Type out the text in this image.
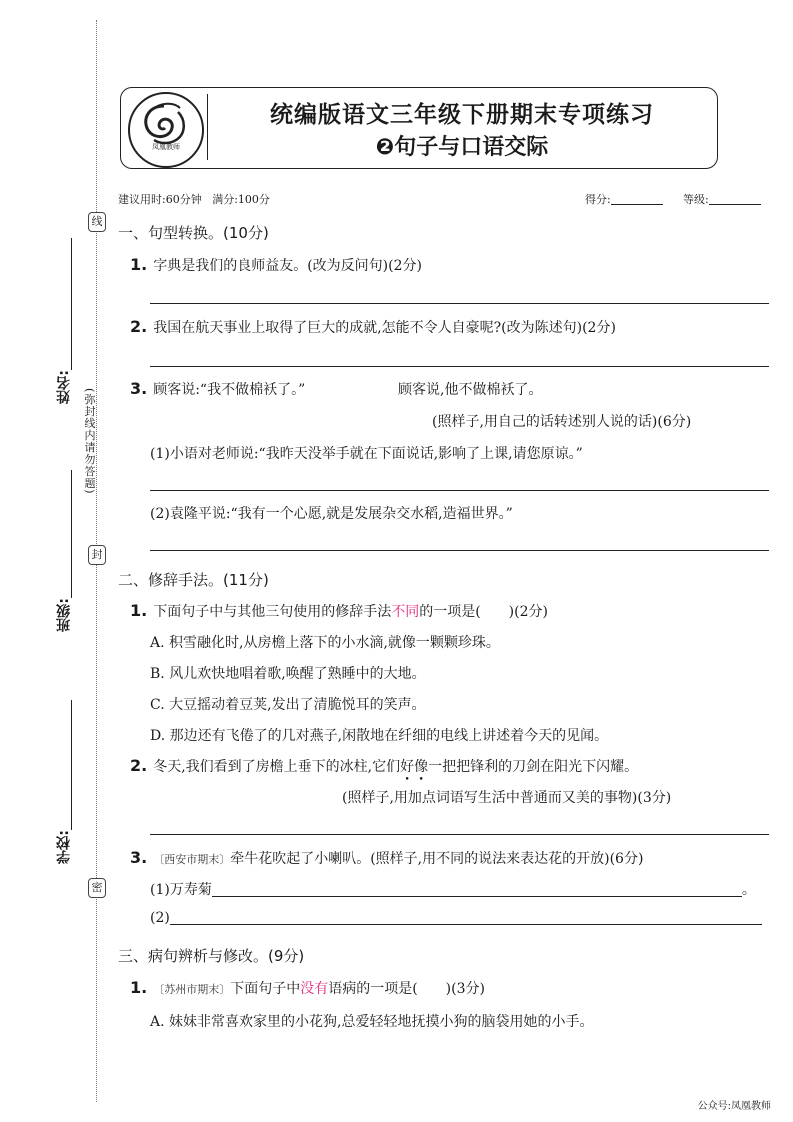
线
封
密
姓名:
班级:
学校:
(弥封线内请勿答题)
凤凰教师
统编版语文三年级下册期末专项练习
❷句子与口语交际
建议用时:60分钟 满分:100分	得分:	等级:
一、句型转换。(10分)
1. 字典是我们的良师益友。(改为反问句)(2分)
2. 我国在航天事业上取得了巨大的成就,怎能不令人自豪呢?(改为陈述句)(2分)
3. 顾客说:“我不做棉袄了。”	顾客说,他不做棉袄了。
(照样子,用自己的话转述别人说的话)(6分)
(1)小语对老师说:“我昨天没举手就在下面说话,影响了上课,请您原谅。”
(2)袁隆平说:“我有一个心愿,就是发展杂交水稻,造福世界。”
二、修辞手法。(11分)
1. 下面句子中与其他三句使用的修辞手法不同的一项是(　　)(2分)
A. 积雪融化时,从房檐上落下的小水滴,就像一颗颗珍珠。
B. 风儿欢快地唱着歌,唤醒了熟睡中的大地。
C. 大豆摇动着豆荚,发出了清脆悦耳的笑声。
D. 那边还有飞倦了的几对燕子,闲散地在纤细的电线上讲述着今天的见闻。
2. 冬天,我们看到了房檐上垂下的冰柱,它们好像一把把锋利的刀剑在阳光下闪耀。
(照样子,用加点词语写生活中普通而又美的事物)(3分)
3. 〔西安市期末〕牵牛花吹起了小喇叭。(照样子,用不同的说法来表达花的开放)(6分)
(1)万寿菊	。
(2)
三、病句辨析与修改。(9分)
1. 〔苏州市期末〕下面句子中没有语病的一项是(　　)(3分)
A. 妹妹非常喜欢家里的小花狗,总爱轻轻地抚摸小狗的脑袋用她的小手。
公众号:凤凰教师
